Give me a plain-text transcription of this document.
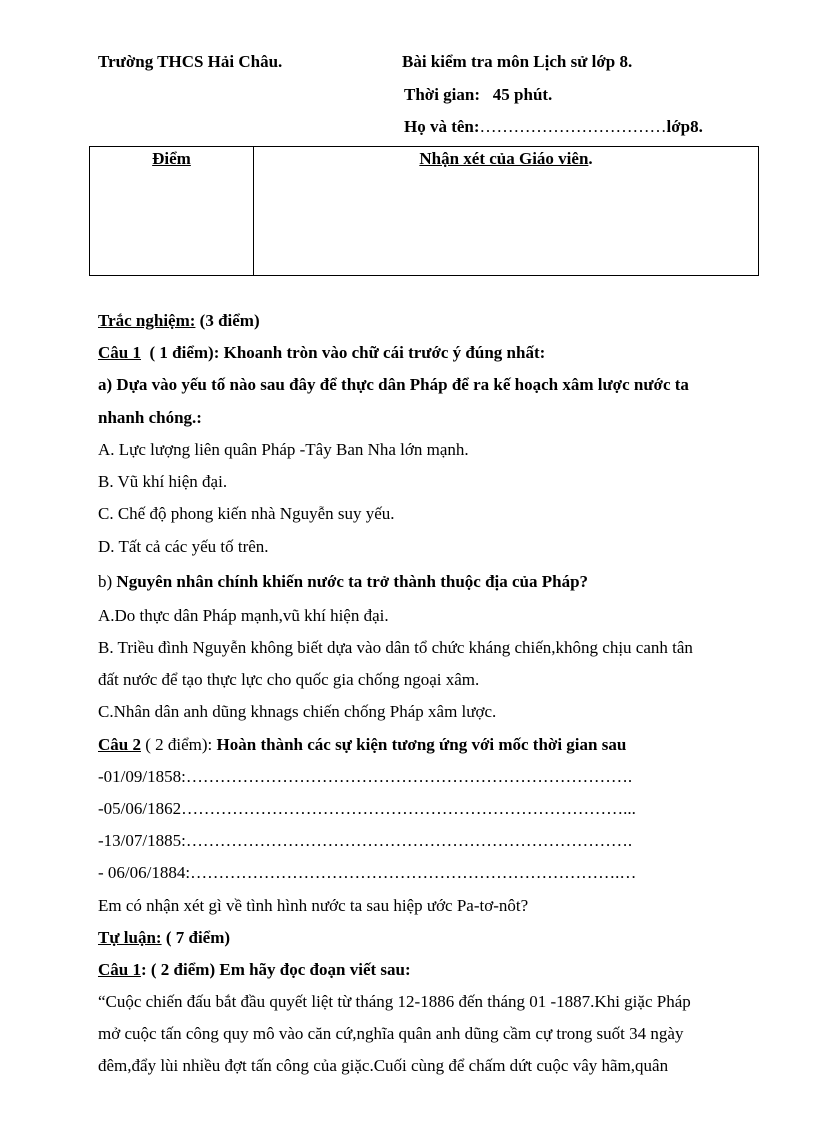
Trường THCS Hải Châu.	Bài kiểm tra môn Lịch sử lớp 8.
Thời gian: 45 phút.
Họ và tên:……………………………lớp8.
Điểm	Nhận xét của Giáo viên.
Trắc nghiệm: (3 điểm)
Câu 1 ( 1 điểm): Khoanh tròn vào chữ cái trước ý đúng nhất:
a) Dựa vào yếu tố nào sau đây để thực dân Pháp để ra kế hoạch xâm lược nước ta
nhanh chóng.:
A. Lực lượng liên quân Pháp -Tây Ban Nha lớn mạnh.
B. Vũ khí hiện đại.
C. Chế độ phong kiến nhà Nguyễn suy yếu.
D. Tất cả các yếu tố trên.
b) Nguyên nhân chính khiến nước ta trở thành thuộc địa của Pháp?
A.Do thực dân Pháp mạnh,vũ khí hiện đại.
B. Triều đình Nguyễn không biết dựa vào dân tổ chức kháng chiến,không chịu canh tân
đất nước để tạo thực lực cho quốc gia chống ngoại xâm.
C.Nhân dân anh dũng khnags chiến chống Pháp xâm lược.
Câu 2 ( 2 điểm): Hoàn thành các sự kiện tương ứng với mốc thời gian sau
-01/09/1858:…………………………………………………………………….
-05/06/1862……………………………………………………………………...
-13/07/1885:…………………………………………………………………….
- 06/06/1884:………………………………………………………………….…
Em có nhận xét gì về tình hình nước ta sau hiệp ước Pa-tơ-nôt?
Tự luận: ( 7 điểm)
Câu 1: ( 2 điểm) Em hãy đọc đoạn viết sau:
“Cuộc chiến đấu bắt đầu quyết liệt từ tháng 12-1886 đến tháng 01 -1887.Khi giặc Pháp
mở cuộc tấn công quy mô vào căn cứ,nghĩa quân anh dũng cầm cự trong suốt 34 ngày
đêm,đẩy lùi nhiều đợt tấn công của giặc.Cuối cùng để chấm dứt cuộc vây hãm,quân
